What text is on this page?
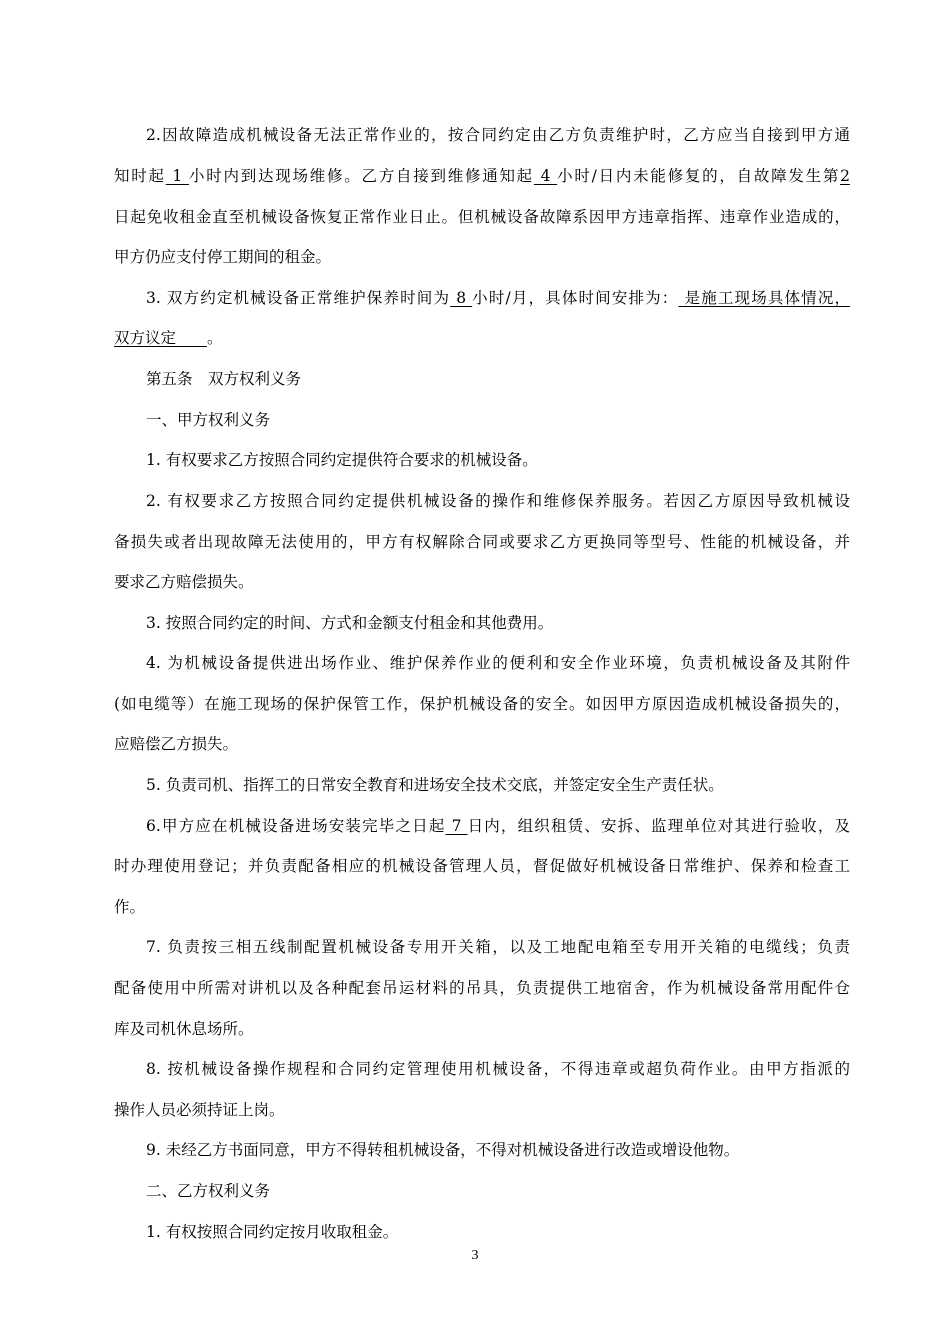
2.因故障造成机械设备无法正常作业的，按合同约定由乙方负责维护时，乙方应当自接到甲方通
知时起 1 小时内到达现场维修。乙方自接到维修通知起 4 小时/日内未能修复的，自故障发生第2
日起免收租金直至机械设备恢复正常作业日止。但机械设备故障系因甲方违章指挥、违章作业造成的，
甲方仍应支付停工期间的租金。
3. 双方约定机械设备正常维护保养时间为 8 小时/月，具体时间安排为： 是施工现场具体情况，
双方议定　　。
第五条　双方权利义务
一、甲方权利义务
1. 有权要求乙方按照合同约定提供符合要求的机械设备。
2. 有权要求乙方按照合同约定提供机械设备的操作和维修保养服务。若因乙方原因导致机械设
备损失或者出现故障无法使用的，甲方有权解除合同或要求乙方更换同等型号、性能的机械设备，并
要求乙方赔偿损失。
3. 按照合同约定的时间、方式和金额支付租金和其他费用。
4. 为机械设备提供进出场作业、维护保养作业的便利和安全作业环境，负责机械设备及其附件
(如电缆等）在施工现场的保护保管工作，保护机械设备的安全。如因甲方原因造成机械设备损失的，
应赔偿乙方损失。
5. 负责司机、指挥工的日常安全教育和进场安全技术交底，并签定安全生产责任状。
6.甲方应在机械设备进场安装完毕之日起 7 日内，组织租赁、安拆、监理单位对其进行验收，及
时办理使用登记；并负责配备相应的机械设备管理人员，督促做好机械设备日常维护、保养和检查工
作。
7. 负责按三相五线制配置机械设备专用开关箱，以及工地配电箱至专用开关箱的电缆线；负责
配备使用中所需对讲机以及各种配套吊运材料的吊具，负责提供工地宿舍，作为机械设备常用配件仓
库及司机休息场所。
8. 按机械设备操作规程和合同约定管理使用机械设备，不得违章或超负荷作业。由甲方指派的
操作人员必须持证上岗。
9. 未经乙方书面同意，甲方不得转租机械设备，不得对机械设备进行改造或增设他物。
二、乙方权利义务
1. 有权按照合同约定按月收取租金。
3
